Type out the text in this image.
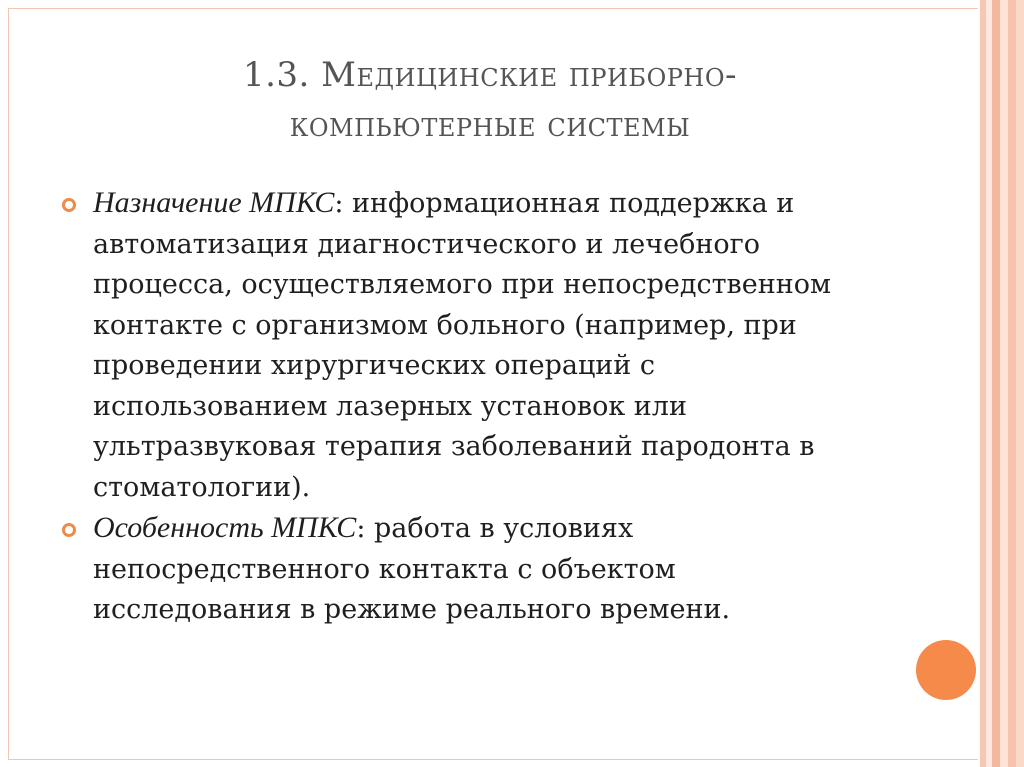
1.3. Медицинские приборно-
компьютерные системы
Назначение МПКС: информационная поддержка и автоматизация диагностического и лечебного процесса, осуществляемого при непосредственном контакте с организмом больного (например, при проведении хирургических операций с использованием лазерных установок или ультразвуковая терапия заболеваний пародонта в стоматологии).
Особенность МПКС: работа в условиях непосредственного контакта с объектом исследования в режиме реального времени.
